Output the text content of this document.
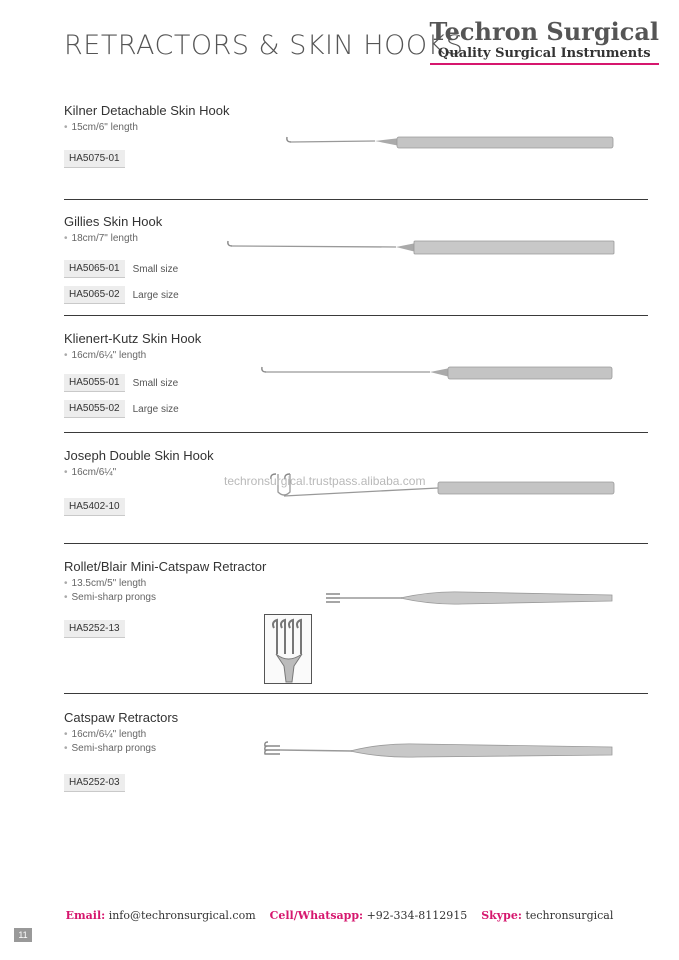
RETRACTORS & SKIN HOOKS
Techron Surgical
Quality Surgical Instruments
Kilner Detachable Skin Hook
• 15cm/6" length
HA5075-01
Gillies Skin Hook
• 18cm/7" length
HA5065-01	Small size
HA5065-02	Large size
Klienert-Kutz Skin Hook
• 16cm/6¼" length
HA5055-01	Small size
HA5055-02	Large size
Joseph Double Skin Hook
• 16cm/6¼"
HA5402-10
techronsurgical.trustpass.alibaba.com
Rollet/Blair Mini-Catspaw Retractor
• 13.5cm/5" length
• Semi-sharp prongs
HA5252-13
Catspaw Retractors
• 16cm/6¼" length
• Semi-sharp prongs
HA5252-03
Email: info@techronsurgical.com Cell/Whatsapp: +92-334-8112915 Skype: techronsurgical
11
